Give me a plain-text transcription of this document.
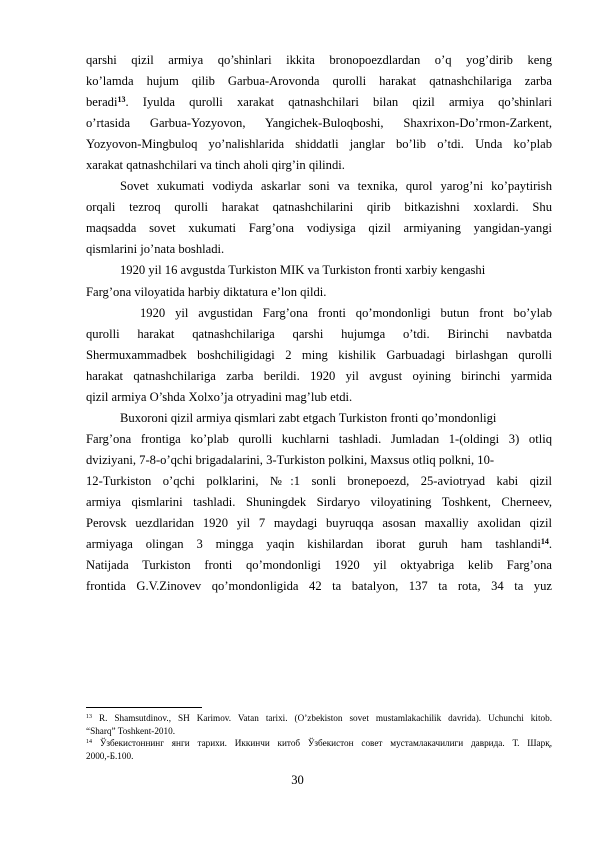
qarshi qizil armiya qo’shinlari ikkita bronopoezdlardan o’q yog’dirib keng
ko’lamda hujum qilib Garbua-Arovonda qurolli harakat qatnashchilariga zarba
beradi$^{13}$. Iyulda qurolli xarakat qatnashchilari bilan qizil armiya qo’shinlari
o’rtasida Garbua-Yozyovon, Yangichek-Buloqboshi, Shaxrixon-Do’rmon-Zarkent,
Yozyovon-Mingbuloq yo’nalishlarida shiddatli janglar bo’lib o’tdi. Unda ko’plab
xarakat qatnashchilari va tinch aholi qirg’in qilindi.
Sovet xukumati vodiyda askarlar soni va texnika, qurol yarog’ni ko’paytirish
orqali tezroq qurolli harakat qatnashchilarini qirib bitkazishni xoxlardi. Shu
maqsadda sovet xukumati Farg’ona vodiysiga qizil armiyaning yangidan-yangi
qismlarini jo’nata boshladi.
1920 yil 16 avgustda Turkiston MIK va Turkiston fronti xarbiy kengashi
Farg’ona viloyatida harbiy diktatura e’lon qildi.
1920 yil avgustidan Farg’ona fronti qo’mondonligi butun front bo’ylab
qurolli harakat qatnashchilariga qarshi hujumga o’tdi. Birinchi navbatda
Shermuxammadbek boshchiligidagi 2 ming kishilik Garbuadagi birlashgan qurolli
harakat qatnashchilariga zarba berildi. 1920 yil avgust oyining birinchi yarmida
qizil armiya O’shda Xolxo’ja otryadini mag’lub etdi.
Buxoroni qizil armiya qismlari zabt etgach Turkiston fronti qo’mondonligi
Farg’ona frontiga ko’plab qurolli kuchlarni tashladi. Jumladan 1-(oldingi 3) otliq
dviziyani, 7-8-o’qchi brigadalarini, 3-Turkiston polkini, Maxsus otliq polkni, 10-
12-Turkiston o’qchi polklarini, №:1 sonli bronepoezd, 25-aviotryad kabi qizil
armiya qismlarini tashladi. Shuningdek Sirdaryo viloyatining Toshkent, Cherneev,
Perovsk uezdlaridan 1920 yil 7 maydagi buyruqqa asosan maxalliy axolidan qizil
armiyaga olingan 3 mingga yaqin kishilardan iborat guruh ham tashlandi$^{14}$.
Natijada Turkiston fronti qo’mondonligi 1920 yil oktyabriga kelib Farg’ona
frontida G.V.Zinovev qo’mondonligida 42 ta batalyon, 137 ta rota, 34 ta yuz
$^{13}$ R. Shamsutdinov., SH Karimov. Vatan tarixi. (O’zbekiston sovet mustamlakachilik davrida). Uchunchi kitob.
“Sharq” Toshkent-2010.
$^{14}$ Ўзбекистоннинг янги тарихи. Иккинчи китоб Ўзбекистон совет мустамлакачилиги даврида. Т. Шарқ,
2000,-Б.100.
30
